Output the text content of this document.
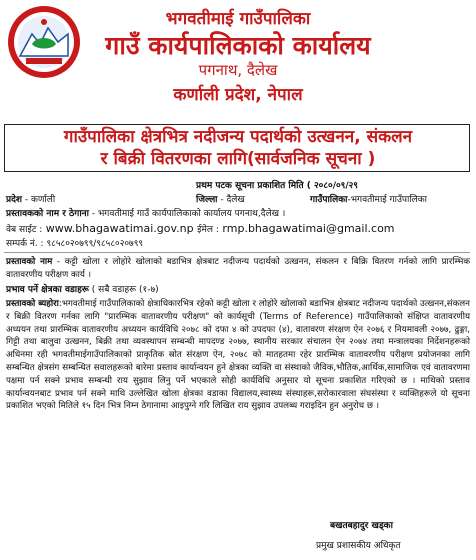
भगवतीमाई गाउँपालिका
गाउँ कार्यपालिकाको कार्यालय
पगनाथ, दैलेख
कर्णाली प्रदेश, नेपाल
गाउँपालिका क्षेत्रभित्र नदीजन्य पदार्थको उत्खनन, संकलन
र बिक्री वितरणका लागि(सार्वजनिक सूचना )
प्रथम पटक सूचना प्रकाशित मिति ( २०८०/०९/२९
प्रदेश - कर्णाली	जिल्ला - दैलेख	गाउँपालिका-भगवतीमाई गाउँपालिका
प्रस्तावकको नाम र ठेगाना - भगवतीमाई गाउँ कार्यपालिकाको कार्यालय पगनाथ,दैलेख ।
वेब साईट : www.bhagawatimai.gov.np ईमेल : rmp.bhagawatimai@gmail.com
सम्पर्क नं. : ९८५८०२०७९९/९८५८०२०७९९
प्रस्तावको नाम - कट्टी खोला र लोहोरे खोलाको बडाभित्र क्षेत्रबाट नदीजन्य पदार्थको उत्खनन, संकलन र बिक्रि वितरण गर्नको लागि प्रारम्भिक वातावरणीय परीक्षण कार्य ।
प्रभाव पर्ने क्षेत्रका वडाहरू ( सबै वडाहरू (१-७)
प्रस्तावको ब्यहोरा:भगवतीमाई गाउँपालिकाको क्षेत्राधिकारभित्र रहेको कट्टी खोला र लोहोरे खोलाको बडाभित्र क्षेत्रबाट नदीजन्य पदार्थको उत्खनन,संकलन र बिक्री वितरण गर्नका लागि "प्रारम्भिक वातावरणीय परीक्षण" को कार्यसूची (Terms of Reference) गाउँपालिकाको संक्षिप्त वातावरणीय अध्ययन तथा प्रारम्भिक वातावरणीय अध्ययन कार्यविधि २०७८ को दफा ४ को उपदफा (४), वातावरण संरक्षण ऐन २०७६ र नियमावली २०७७, ढुङ्गा, गिट्टी तथा बालुवा उत्खनन, बिक्री तथा व्यवस्थापन सम्बन्धी मापदण्ड २०७७, स्थानीय सरकार संचालन ऐन २०७४ तथा मन्त्रालयका निर्देशनहरूको अधिनमा रही भगवतीमाईगाउँपालिकाको प्राकृतिक स्रोत संरक्षण ऐन, २०७८ को मातहतमा रहेर प्रारम्भिक वातावरणीय परीक्षण प्रयोजनका लागि सम्बन्धित क्षेत्रसंग सम्बन्धित सवालहरूको बारेमा प्रस्ताव कार्यान्वयन हुने क्षेत्रका व्यक्ति वा संस्थाको जैविक,भौतिक,आर्थिक,सामाजिक एवं वातावरणमा पक्षमा पर्न सक्ने प्रभाव सम्बन्धी राय सुझाव लिनु पर्ने भएकाले सोही कार्यविधि अनुसार यो सूचना प्रकाशित गरिएको छ । माथिको प्रस्ताव कार्यान्वयनबाट प्रभाव पर्न सक्ने माथि उल्लेखित खोला क्षेत्रका वडाका विद्यालय,स्वास्थ्य संस्थाहरू,सरोकारवाला संघसंस्था र व्यक्तिहरूले यो सूचना प्रकाशित भएको मितिले १५ दिन भित्र निम्न ठेगानामा आइपुग्ने गरि लिखित राय सुझाव उपलब्ध गराइदिन हुन अनुरोध छ ।
बखतबहादुर खड्का
प्रमुख प्रशासकीय अधिकृत
